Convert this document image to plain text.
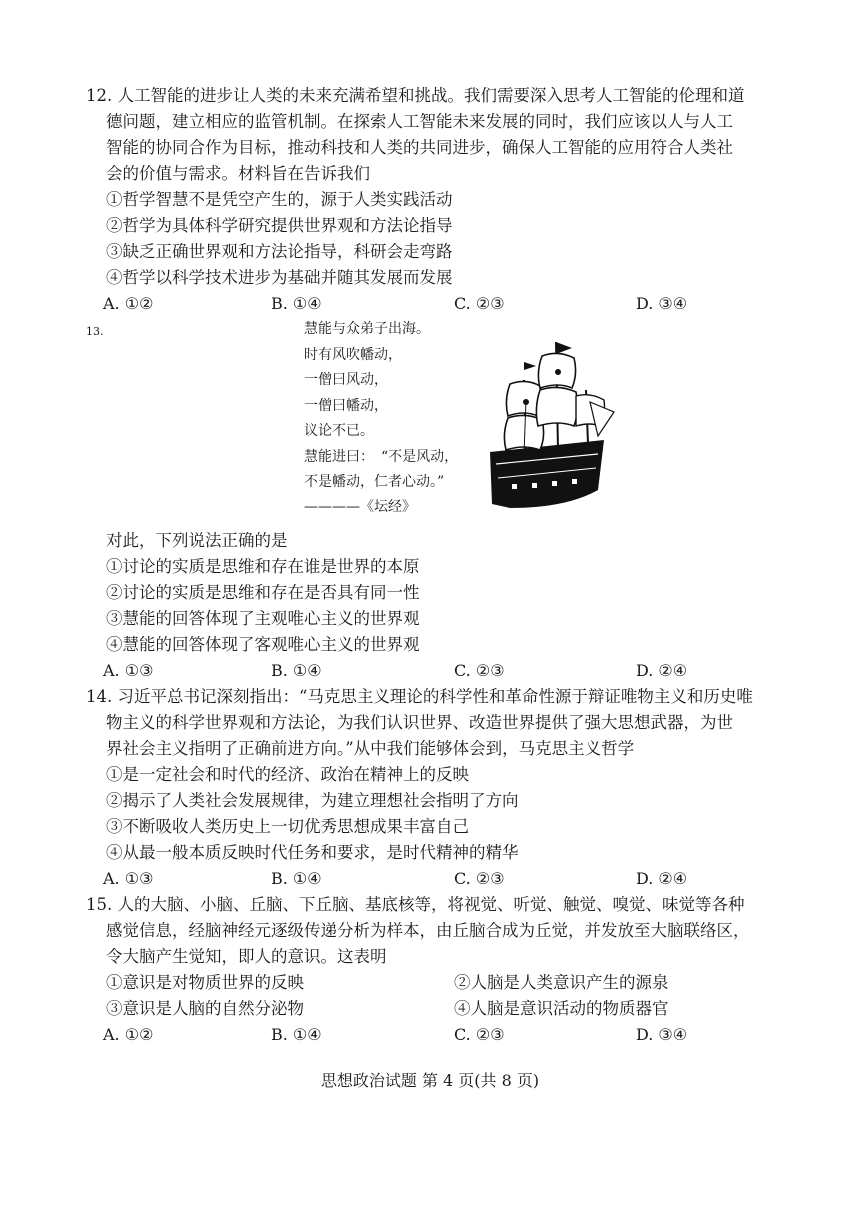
12. 人工智能的进步让人类的未来充满希望和挑战。我们需要深入思考人工智能的伦理和道
德问题，建立相应的监管机制。在探索人工智能未来发展的同时，我们应该以人与人工
智能的协同合作为目标，推动科技和人类的共同进步，确保人工智能的应用符合人类社
会的价值与需求。材料旨在告诉我们
①哲学智慧不是凭空产生的，源于人类实践活动
②哲学为具体科学研究提供世界观和方法论指导
③缺乏正确世界观和方法论指导，科研会走弯路
④哲学以科学技术进步为基础并随其发展而发展
A. ①②	B. ①④	C. ②③	D. ③④
13.	慧能与众弟子出海。
时有风吹幡动，
一僧曰风动，
一僧曰幡动，
议论不已。
慧能进曰：　“不是风动，
不是幡动，仁者心动。”
————《坛经》
对此，下列说法正确的是
①讨论的实质是思维和存在谁是世界的本原
②讨论的实质是思维和存在是否具有同一性
③慧能的回答体现了主观唯心主义的世界观
④慧能的回答体现了客观唯心主义的世界观
A. ①③	B. ①④	C. ②③	D. ②④
14. 习近平总书记深刻指出：“马克思主义理论的科学性和革命性源于辩证唯物主义和历史唯
物主义的科学世界观和方法论，为我们认识世界、改造世界提供了强大思想武器，为世
界社会主义指明了正确前进方向。”从中我们能够体会到，马克思主义哲学
①是一定社会和时代的经济、政治在精神上的反映
②揭示了人类社会发展规律，为建立理想社会指明了方向
③不断吸收人类历史上一切优秀思想成果丰富自己
④从最一般本质反映时代任务和要求，是时代精神的精华
A. ①③	B. ①④	C. ②③	D. ②④
15. 人的大脑、小脑、丘脑、下丘脑、基底核等，将视觉、听觉、触觉、嗅觉、味觉等各种
感觉信息，经脑神经元逐级传递分析为样本，由丘脑合成为丘觉，并发放至大脑联络区，
令大脑产生觉知，即人的意识。这表明
①意识是对物质世界的反映	②人脑是人类意识产生的源泉
③意识是人脑的自然分泌物	④人脑是意识活动的物质器官
A. ①②	B. ①④	C. ②③	D. ③④
思想政治试题 第 4 页(共 8 页)
